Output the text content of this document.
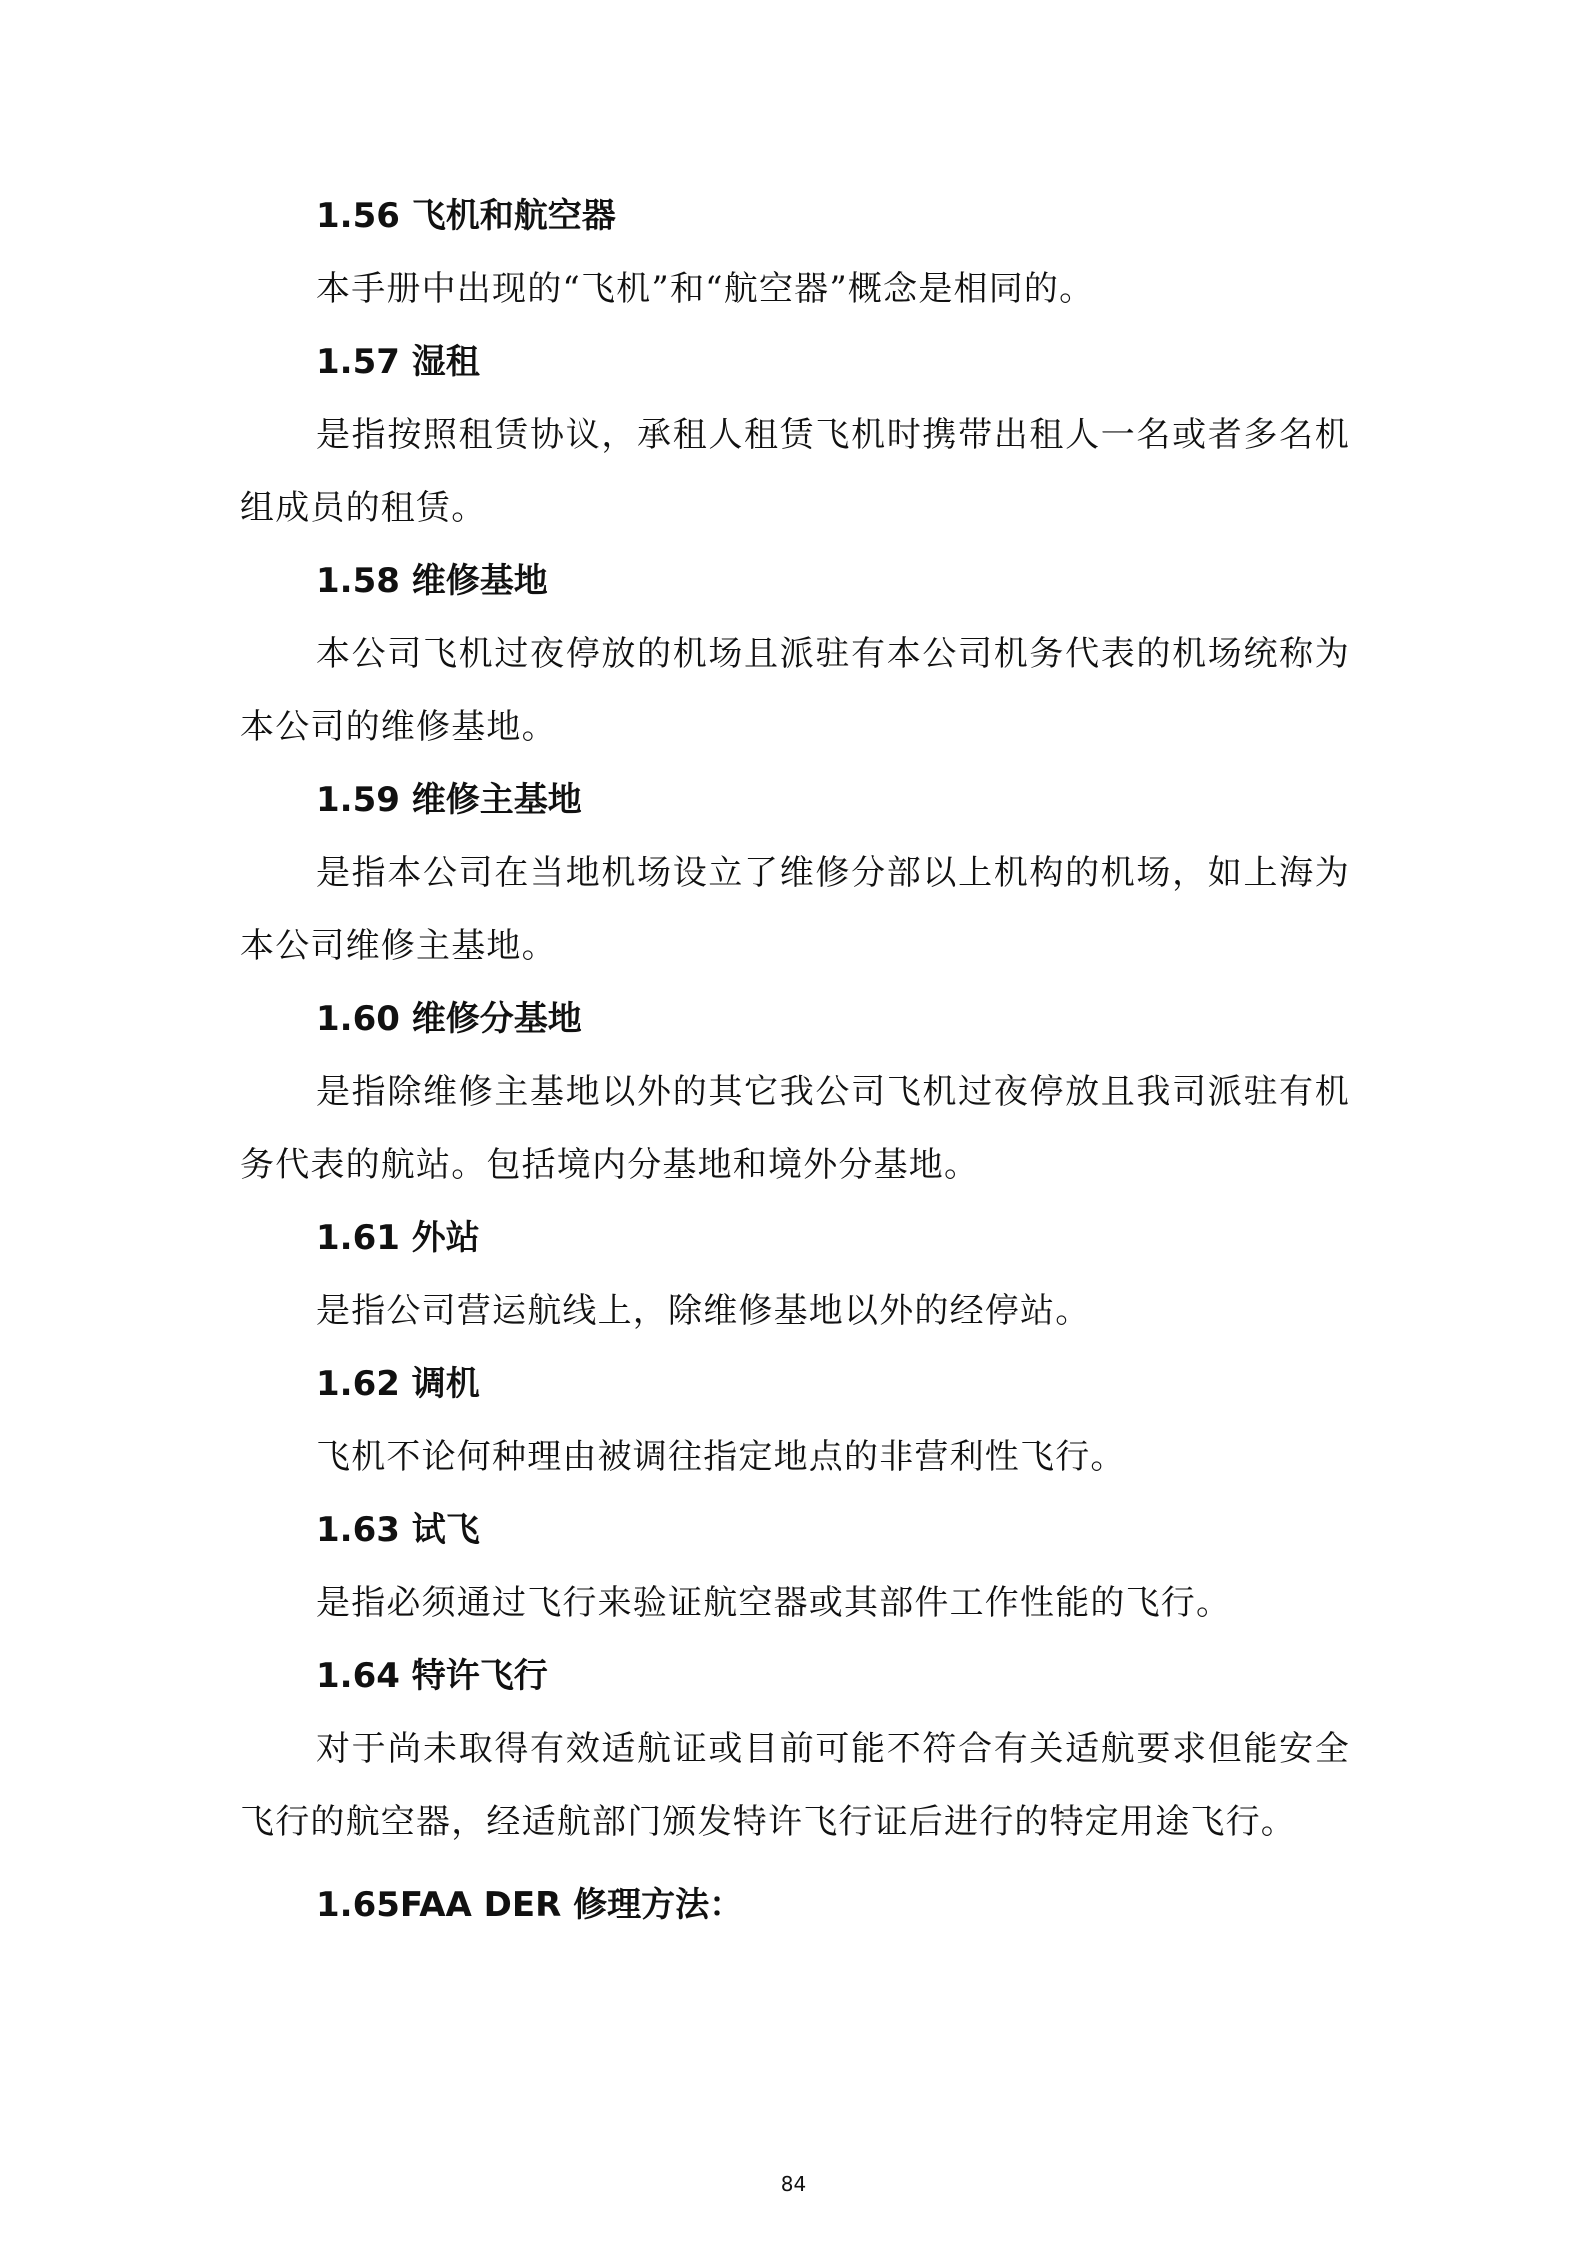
1.56 飞机和航空器

本手册中出现的“飞机”和“航空器”概念是相同的。

1.57 湿租

是指按照租赁协议，承租人租赁飞机时携带出租人一名或者多名机组成员的租赁。

1.58 维修基地

本公司飞机过夜停放的机场且派驻有本公司机务代表的机场统称为本公司的维修基地。

1.59 维修主基地

是指本公司在当地机场设立了维修分部以上机构的机场，如上海为本公司维修主基地。

1.60 维修分基地

是指除维修主基地以外的其它我公司飞机过夜停放且我司派驻有机务代表的航站。包括境内分基地和境外分基地。

1.61 外站

是指公司营运航线上，除维修基地以外的经停站。

1.62 调机

飞机不论何种理由被调往指定地点的非营利性飞行。

1.63 试飞

是指必须通过飞行来验证航空器或其部件工作性能的飞行。

1.64 特许飞行

对于尚未取得有效适航证或目前可能不符合有关适航要求但能安全飞行的航空器，经适航部门颁发特许飞行证后进行的特定用途飞行。

1.65FAA DER 修理方法：
84
